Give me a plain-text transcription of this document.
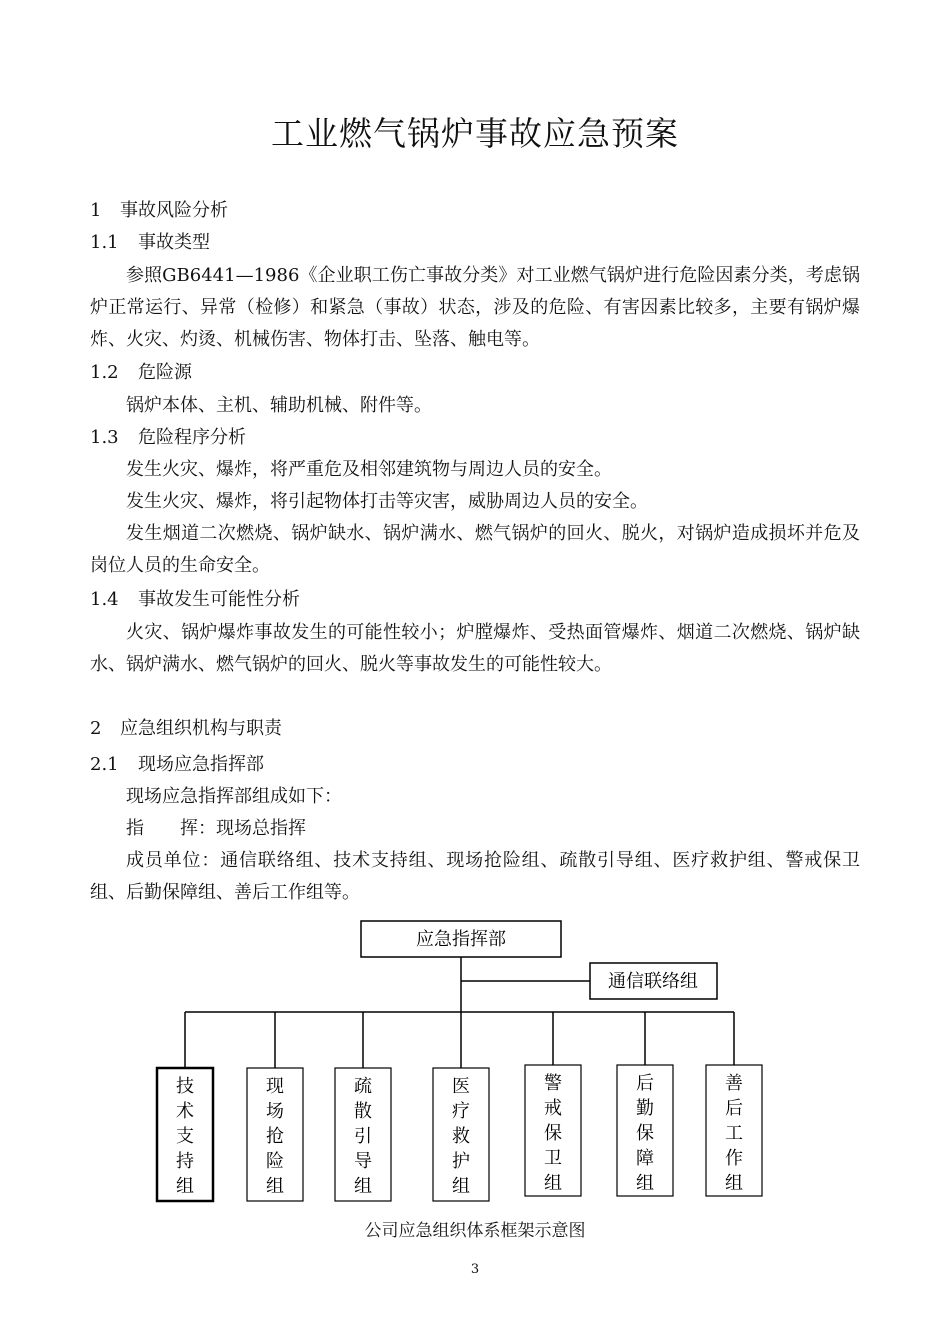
工业燃气锅炉事故应急预案
1 事故风险分析
1.1 事故类型
参照GB6441—1986《企业职工伤亡事故分类》对工业燃气锅炉进行危险因素分类，考虑锅炉正常运行、异常（检修）和紧急（事故）状态，涉及的危险、有害因素比较多，主要有锅炉爆炸、火灾、灼烫、机械伤害、物体打击、坠落、触电等。
1.2 危险源
锅炉本体、主机、辅助机械、附件等。
1.3 危险程序分析
发生火灾、爆炸，将严重危及相邻建筑物与周边人员的安全。
发生火灾、爆炸，将引起物体打击等灾害，威胁周边人员的安全。
发生烟道二次燃烧、锅炉缺水、锅炉满水、燃气锅炉的回火、脱火，对锅炉造成损坏并危及岗位人员的生命安全。
1.4 事故发生可能性分析
火灾、锅炉爆炸事故发生的可能性较小；炉膛爆炸、受热面管爆炸、烟道二次燃烧、锅炉缺水、锅炉满水、燃气锅炉的回火、脱火等事故发生的可能性较大。
2 应急组织机构与职责
2.1 现场应急指挥部
现场应急指挥部组成如下：
指　　挥：现场总指挥
成员单位：通信联络组、技术支持组、现场抢险组、疏散引导组、医疗救护组、警戒保卫组、后勤保障组、善后工作组等。
应急指挥部
通信联络组
技
术
支
持
组
现
场
抢
险
组
疏
散
引
导
组
医
疗
救
护
组
警
戒
保
卫
组
后
勤
保
障
组
善
后
工
作
组
公司应急组织体系框架示意图
3
